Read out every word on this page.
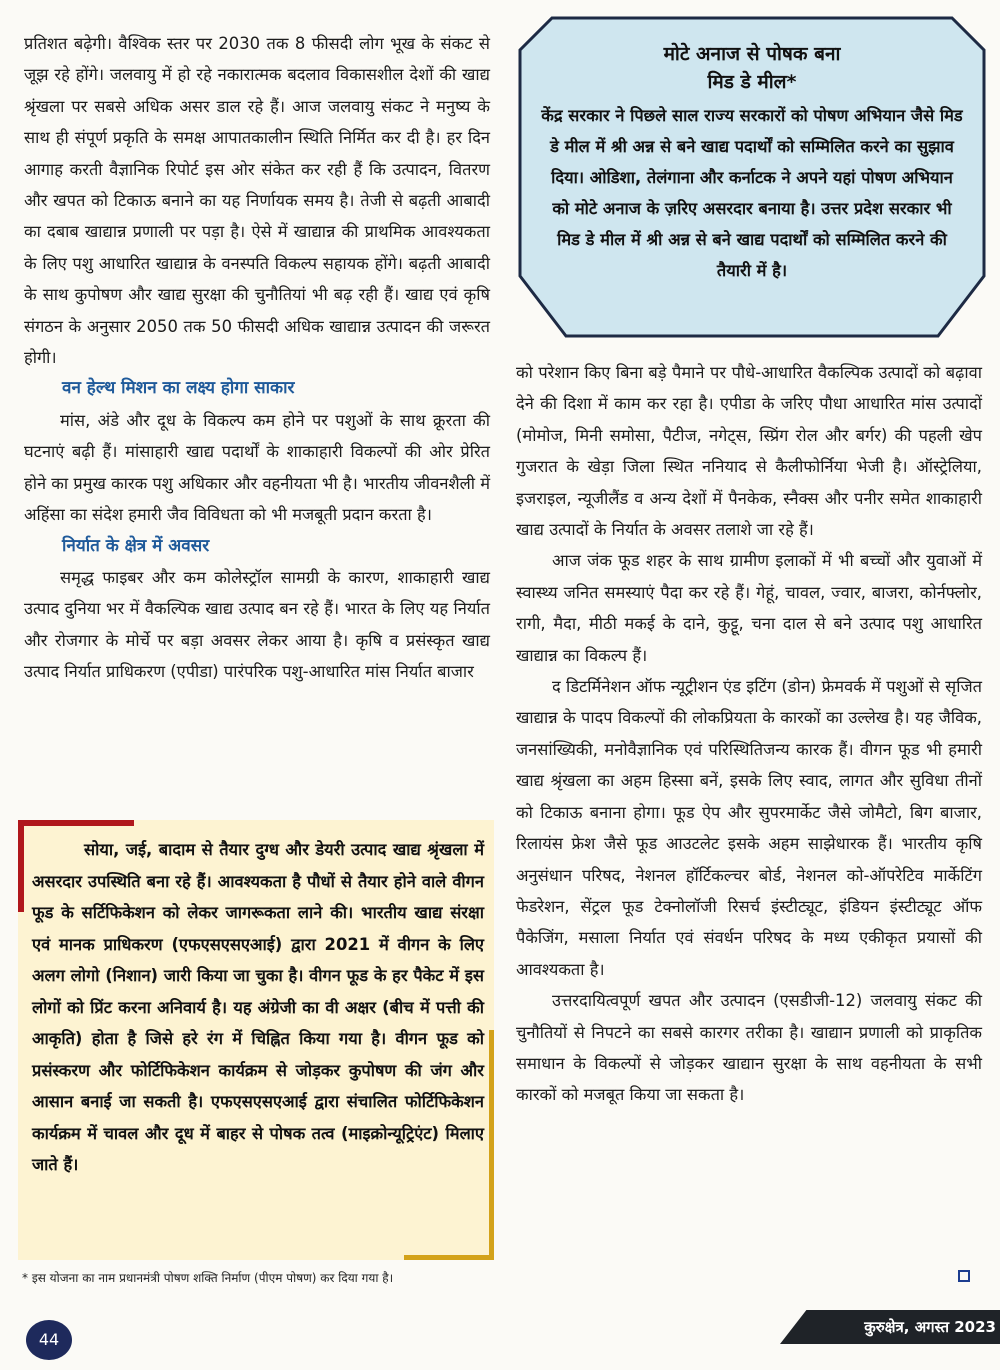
प्रतिशत बढ़ेगी। वैश्विक स्तर पर 2030 तक 8 फीसदी लोग भूख के संकट से जूझ रहे होंगे। जलवायु में हो रहे नकारात्मक बदलाव विकासशील देशों की खाद्य श्रृंखला पर सबसे अधिक असर डाल रहे हैं। आज जलवायु संकट ने मनुष्य के साथ ही संपूर्ण प्रकृति के समक्ष आपातकालीन स्थिति निर्मित कर दी है। हर दिन आगाह करती वैज्ञानिक रिपोर्ट इस ओर संकेत कर रही हैं कि उत्पादन, वितरण और खपत को टिकाऊ बनाने का यह निर्णायक समय है। तेजी से बढ़ती आबादी का दबाब खाद्यान्न प्रणाली पर पड़ा है। ऐसे में खाद्यान्न की प्राथमिक आवश्यकता के लिए पशु आधारित खाद्यान्न के वनस्पति विकल्प सहायक होंगे। बढ़ती आबादी के साथ कुपोषण और खाद्य सुरक्षा की चुनौतियां भी बढ़ रही हैं। खाद्य एवं कृषि संगठन के अनुसार 2050 तक 50 फीसदी अधिक खाद्यान्न उत्पादन की जरूरत होगी।

वन हेल्थ मिशन का लक्ष्य होगा साकार

मांस, अंडे और दूध के विकल्प कम होने पर पशुओं के साथ क्रूरता की घटनाएं बढ़ी हैं। मांसाहारी खाद्य पदार्थों के शाकाहारी विकल्पों की ओर प्रेरित होने का प्रमुख कारक पशु अधिकार और वहनीयता भी है। भारतीय जीवनशैली में अहिंसा का संदेश हमारी जैव विविधता को भी मजबूती प्रदान करता है।

निर्यात के क्षेत्र में अवसर

समृद्ध फाइबर और कम कोलेस्ट्रॉल सामग्री के कारण, शाकाहारी खाद्य उत्पाद दुनिया भर में वैकल्पिक खाद्य उत्पाद बन रहे हैं। भारत के लिए यह निर्यात और रोजगार के मोर्चे पर बड़ा अवसर लेकर आया है। कृषि व प्रसंस्कृत खाद्य उत्पाद निर्यात प्राधिकरण (एपीडा) पारंपरिक पशु-आधारित मांस निर्यात बाजार

मोटे अनाज से पोषक बना

मिड डे मील*

केंद्र सरकार ने पिछले साल राज्य सरकारों को पोषण अभियान जैसे मिड डे मील में श्री अन्न से बने खाद्य पदार्थों को सम्मिलित करने का सुझाव दिया। ओडिशा, तेलंगाना और कर्नाटक ने अपने यहां पोषण अभियान को मोटे अनाज के ज़रिए असरदार बनाया है। उत्तर प्रदेश सरकार भी मिड डे मील में श्री अन्न से बने खाद्य पदार्थों को सम्मिलित करने की तैयारी में है।

को परेशान किए बिना बड़े पैमाने पर पौधे-आधारित वैकल्पिक उत्पादों को बढ़ावा देने की दिशा में काम कर रहा है। एपीडा के जरिए पौधा आधारित मांस उत्पादों (मोमोज, मिनी समोसा, पैटीज, नगेट्स, स्प्रिंग रोल और बर्गर) की पहली खेप गुजरात के खेड़ा जिला स्थित ननियाद से कैलीफोर्निया भेजी है। ऑस्ट्रेलिया, इजराइल, न्यूजीलैंड व अन्य देशों में पैनकेक, स्नैक्स और पनीर समेत शाकाहारी खाद्य उत्पादों के निर्यात के अवसर तलाशे जा रहे हैं।

आज जंक फूड शहर के साथ ग्रामीण इलाकों में भी बच्चों और युवाओं में स्वास्थ्य जनित समस्याएं पैदा कर रहे हैं। गेहूं, चावल, ज्वार, बाजरा, कोर्नफ्लोर, रागी, मैदा, मीठी मकई के दाने, कुट्टू, चना दाल से बने उत्पाद पशु आधारित खाद्यान्न का विकल्प हैं।

द डिटर्मिनेशन ऑफ न्यूट्रीशन एंड इटिंग (डोन) फ्रेमवर्क में पशुओं से सृजित खाद्यान्न के पादप विकल्पों की लोकप्रियता के कारकों का उल्लेख है। यह जैविक, जनसांख्यिकी, मनोवैज्ञानिक एवं परिस्थितिजन्य कारक हैं। वीगन फूड भी हमारी खाद्य श्रृंखला का अहम हिस्सा बनें, इसके लिए स्वाद, लागत और सुविधा तीनों को टिकाऊ बनाना होगा। फूड ऐप और सुपरमार्केट जैसे जोमैटो, बिग बाजार, रिलायंस फ्रेश जैसे फूड आउटलेट इसके अहम साझेधारक हैं। भारतीय कृषि अनुसंधान परिषद, नेशनल हॉर्टिकल्चर बोर्ड, नेशनल को-ऑपरेटिव मार्केटिंग फेडरेशन, सेंट्रल फूड टेक्नोलॉजी रिसर्च इंस्टीट्यूट, इंडियन इंस्टीट्यूट ऑफ पैकेजिंग, मसाला निर्यात एवं संवर्धन परिषद के मध्य एकीकृत प्रयासों की आवश्यकता है।

उत्तरदायित्वपूर्ण खपत और उत्पादन (एसडीजी-12) जलवायु संकट की चुनौतियों से निपटने का सबसे कारगर तरीका है। खाद्यान प्रणाली को प्राकृतिक समाधान के विकल्पों से जोड़कर खाद्यान सुरक्षा के साथ वहनीयता के सभी कारकों को मजबूत किया जा सकता है।

सोया, जई, बादाम से तैयार दुग्ध और डेयरी उत्पाद खाद्य श्रृंखला में असरदार उपस्थिति बना रहे हैं। आवश्यकता है पौधों से तैयार होने वाले वीगन फूड के सर्टिफिकेशन को लेकर जागरूकता लाने की। भारतीय खाद्य संरक्षा एवं मानक प्राधिकरण (एफएसएसएआई) द्वारा 2021 में वीगन के लिए अलग लोगो (निशान) जारी किया जा चुका है। वीगन फूड के हर पैकेट में इस लोगों को प्रिंट करना अनिवार्य है। यह अंग्रेजी का वी अक्षर (बीच में पत्ती की आकृति) होता है जिसे हरे रंग में चिह्नित किया गया है। वीगन फूड को प्रसंस्करण और फोर्टिफिकेशन कार्यक्रम से जोड़कर कुपोषण की जंग और आसान बनाई जा सकती है। एफएसएसएआई द्वारा संचालित फोर्टिफिकेशन कार्यक्रम में चावल और दूध में बाहर से पोषक तत्व (माइक्रोन्यूट्रिएंट) मिलाए जाते हैं।

* इस योजना का नाम प्रधानमंत्री पोषण शक्ति निर्माण (पीएम पोषण) कर दिया गया है।
44
कुरुक्षेत्र, अगस्त 2023
